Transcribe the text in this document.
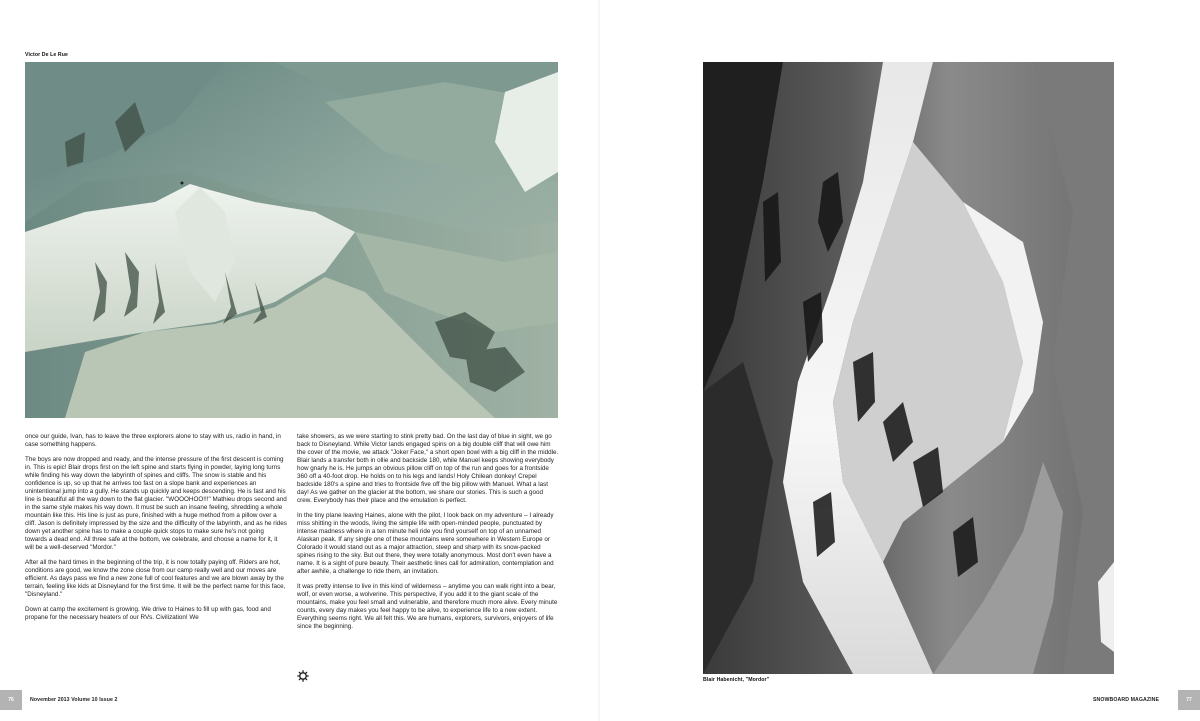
Victor De Le Rue

once our guide, Ivan, has to leave the three explorers alone to stay with us, radio in hand, in case something happens.

The boys are now dropped and ready, and the intense pressure of the first descent is coming in. This is epic! Blair drops first on the left spine and starts flying in powder, laying long turns while finding his way down the labyrinth of spines and cliffs. The snow is stable and his confidence is up, so up that he arrives too fast on a slope bank and experiences an unintentional jump into a gully. He stands up quickly and keeps descending. He is fast and his line is beautiful all the way down to the flat glacier. "WOOOHOO!!!" Mathieu drops second and in the same style makes his way down. It must be such an insane feeling, shredding a whole mountain like this. His line is just as pure, finished with a huge method from a pillow over a cliff. Jason is definitely impressed by the size and the difficulty of the labyrinth, and as he rides down yet another spine has to make a couple quick stops to make sure he's not going towards a dead end. All three safe at the bottom, we celebrate, and choose a name for it, it will be a well-deserved "Mordor."

After all the hard times in the beginning of the trip, it is now totally paying off. Riders are hot, conditions are good, we know the zone close from our camp really well and our moves are efficient. As days pass we find a new zone full of cool features and we are blown away by the terrain, feeling like kids at Disneyland for the first time. It will be the perfect name for this face, "Disneyland."

Down at camp the excitement is growing. We drive to Haines to fill up with gas, food and propane for the necessary heaters of our RVs. Civilization! We

take showers, as we were starting to stink pretty bad. On the last day of blue in sight, we go back to Disneyland. While Victor lands engaged spins on a big double cliff that will owe him the cover of the movie, we attack "Joker Face," a short open bowl with a big cliff in the middle. Blair lands a transfer both in ollie and backside 180, while Manuel keeps showing everybody how gnarly he is. He jumps an obvious pillow cliff on top of the run and goes for a frontside 360 off a 40-foot drop. He holds on to his legs and lands! Holy Chilean donkey! Crepel backside 180's a spine and tries to frontside five off the big pillow with Manuel. What a last day! As we gather on the glacier at the bottom, we share our stories. This is such a good crew. Everybody has their place and the emulation is perfect.

In the tiny plane leaving Haines, alone with the pilot, I look back on my adventure – I already miss shitting in the woods, living the simple life with open-minded people, punctuated by intense madness where in a ten minute heli ride you find yourself on top of an unnamed Alaskan peak. If any single one of these mountains were somewhere in Western Europe or Colorado it would stand out as a major attraction, steep and sharp with its snow-packed spines rising to the sky. But out there, they were totally anonymous. Most don't even have a name. It is a sight of pure beauty. Their aesthetic lines call for admiration, contemplation and after awhile, a challenge to ride them, an invitation.

It was pretty intense to live in this kind of wilderness – anytime you can walk right into a bear, wolf, or even worse, a wolverine. This perspective, if you add it to the giant scale of the mountains, make you feel small and vulnerable, and therefore much more alive. Every minute counts, every day makes you feel happy to be alive, to experience life to a new extent. Everything seems right. We all felt this. We are humans, explorers, survivors, enjoyers of life since the beginning.

76	November 2013 Volume 10 Issue 2
Blair Habenicht, "Mordor"
SNOWBOARD MAGAZINE	77
